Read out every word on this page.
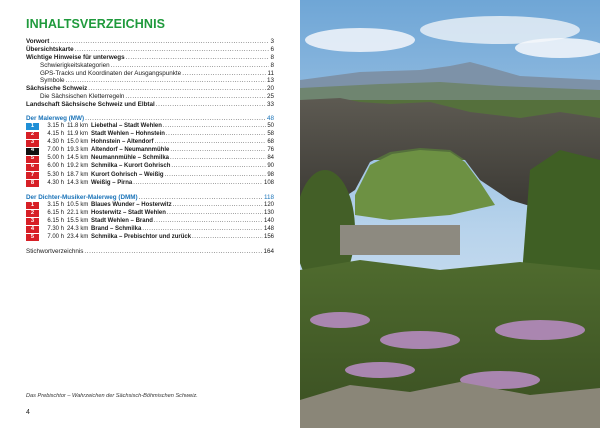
INHALTSVERZEICHNIS
Vorwort .....	3
Übersichtskarte .....	6
Wichtige Hinweise für unterwegs .....	8
Schwierigkeitskategorien .....	8
GPS-Tracks und Koordinaten der Ausgangspunkte .....	11
Symbole .....	13
Sächsische Schweiz .....	20
Die Sächsischen Kletterregeln .....	25
Landschaft Sächsische Schweiz und Elbtal .....	33
Der Malerweg (MW) .....	48
1	3.15 h 11.8 km Liebethal – Stadt Wehlen .....	50
2	4.15 h 11.9 km Stadt Wehlen – Hohnstein .....	58
3	4.30 h 15.0 km Hohnstein – Altendorf .....	68
4	7.00 h 19.3 km Altendorf – Neumannmühle .....	76
5	5.00 h 14.5 km Neumannmühle – Schmilka .....	84
6	6.00 h 19.2 km Schmilka – Kurort Gohrisch .....	90
7	5.30 h 18.7 km Kurort Gohrisch – Weißig .....	98
8	4.30 h 14.3 km Weißig – Pirna .....	108
Der Dichter-Musiker-Malerweg (DMM) .....	118
1	3.15 h 10.5 km Blaues Wunder – Hosterwitz .....	120
2	6.15 h 22.1 km Hosterwitz – Stadt Wehlen .....	130
3	6.15 h 15.5 km Stadt Wehlen – Brand .....	140
4	7.30 h 24.3 km Brand – Schmilka .....	148
5	7.00 h 23.4 km Schmilka – Prebischtor und zurück .....	156
Stichwortverzeichnis .....	164
Das Prebischtor – Wahrzeichen der Sächsisch-Böhmischen Schweiz.
4
